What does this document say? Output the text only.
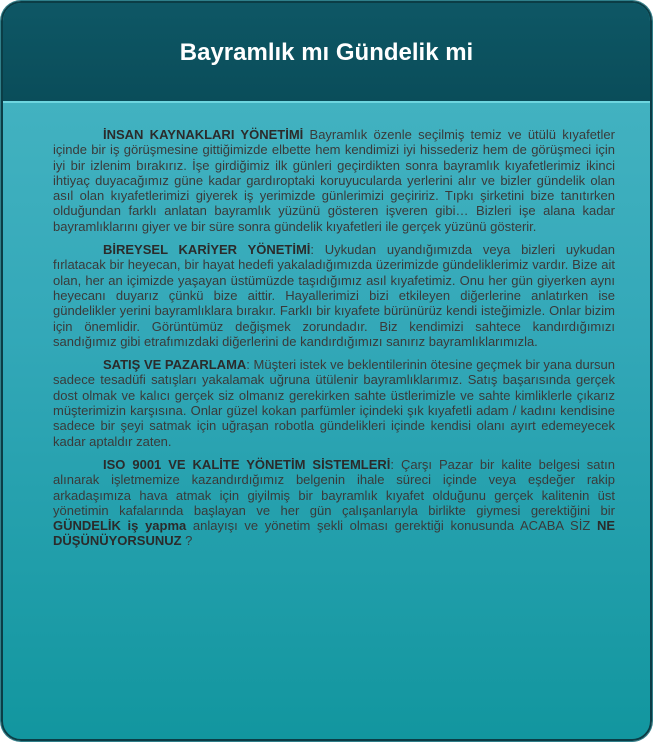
Bayramlık mı Gündelik mi

İNSAN KAYNAKLARI YÖNETİMİ Bayramlık özenle seçilmiş temiz ve ütülü kıyafetler içinde bir iş görüşmesine gittiğimizde elbette hem kendimizi iyi hissederiz hem de görüşmeci için iyi bir izlenim bırakırız. İşe girdiğimiz ilk günleri geçirdikten sonra bayramlık kıyafetlerimiz ikinci ihtiyaç duyacağımız güne kadar gardıroptaki koruyucularda yerlerini alır ve bizler gündelik olan asıl olan kıyafetlerimizi giyerek iş yerimizde günlerimizi geçiririz. Tıpkı şirketini bize tanıtırken olduğundan farklı anlatan bayramlık yüzünü gösteren işveren gibi… Bizleri işe alana kadar bayramlıklarını giyer ve bir süre sonra gündelik kıyafetleri ile gerçek yüzünü gösterir.

BİREYSEL KARİYER YÖNETİMİ: Uykudan uyandığımızda veya bizleri uykudan fırlatacak bir heyecan, bir hayat hedefi yakaladığımızda üzerimizde gündeliklerimiz vardır. Bize ait olan, her an içimizde yaşayan üstümüzde taşıdığımız asıl kıyafetimiz. Onu her gün giyerken aynı heyecanı duyarız çünkü bize aittir. Hayallerimizi bizi etkileyen diğerlerine anlatırken ise gündelikler yerini bayramlıklara bırakır. Farklı bir kıyafete bürünürüz kendi isteğimizle. Onlar bizim için önemlidir. Görüntümüz değişmek zorundadır. Biz kendimizi sahtece kandırdığımızı sandığımız gibi etrafımızdaki diğerlerini de kandırdığımızı sanırız bayramlıklarımızla.

SATIŞ VE PAZARLAMA: Müşteri istek ve beklentilerinin ötesine geçmek bir yana dursun sadece tesadüfi satışları yakalamak uğruna ütülenir bayramlıklarımız. Satış başarısında gerçek dost olmak ve kalıcı gerçek siz olmanız gerekirken sahte üstlerimizle ve sahte kimliklerle çıkarız müşterimizin karşısına. Onlar güzel kokan parfümler içindeki şık kıyafetli adam / kadını kendisine sadece bir şeyi satmak için uğraşan robotla gündelikleri içinde kendisi olanı ayırt edemeyecek kadar aptaldır zaten.

ISO 9001 VE KALİTE YÖNETİM SİSTEMLERİ: Çarşı Pazar bir kalite belgesi satın alınarak işletmemize kazandırdığımız belgenin ihale süreci içinde veya eşdeğer rakip arkadaşımıza hava atmak için giyilmiş bir bayramlık kıyafet olduğunu gerçek kalitenin üst yönetimin kafalarında başlayan ve her gün çalışanlarıyla birlikte giymesi gerektiğini bir GÜNDELİK iş yapma anlayışı ve yönetim şekli olması gerektiği konusunda ACABA SİZ NE DÜŞÜNÜYORSUNUZ ?
